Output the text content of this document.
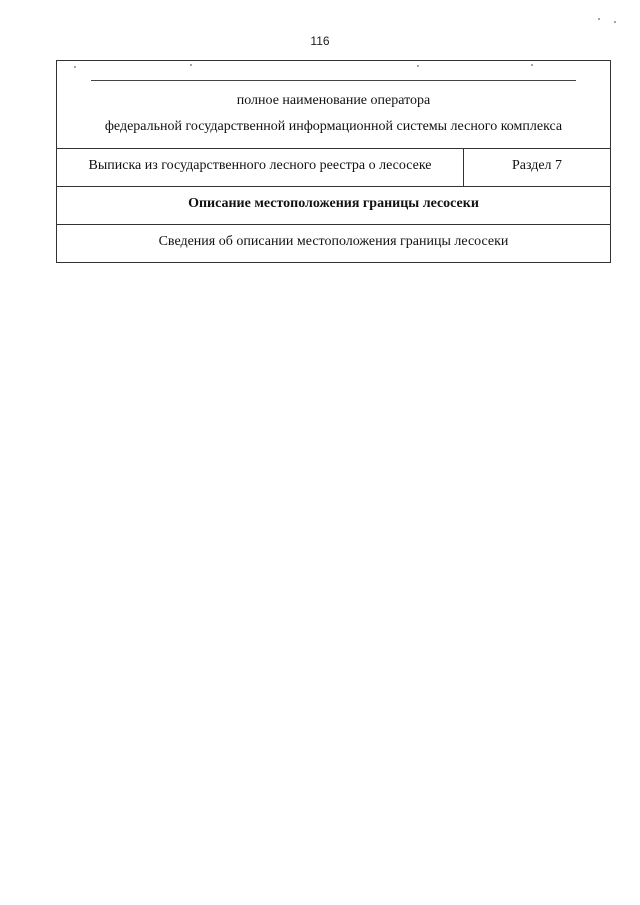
116
полное наименование оператора
федеральной государственной информационной системы лесного комплекса
Выписка из государственного лесного реестра о лесосеке	Раздел 7
Описание местоположения границы лесосеки
Сведения об описании местоположения границы лесосеки
